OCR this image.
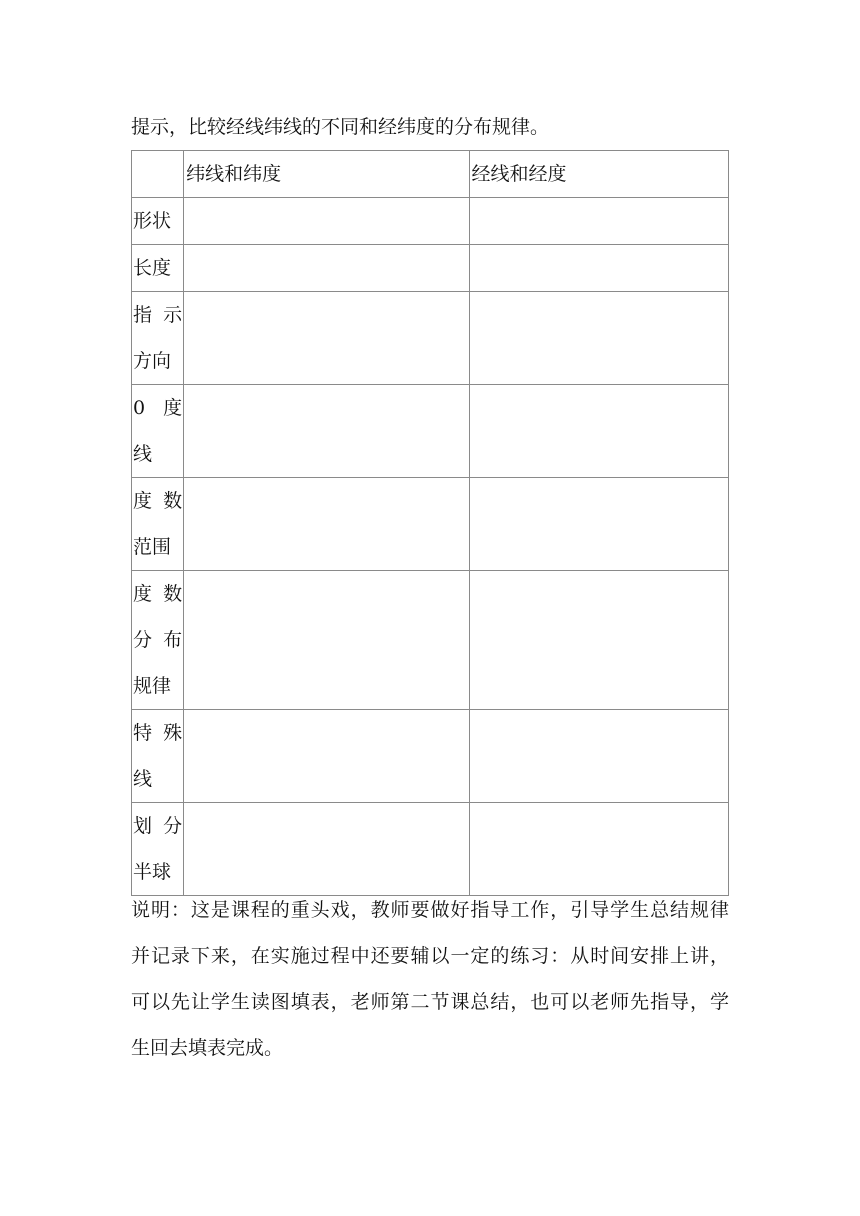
提示，比较经线纬线的不同和经纬度的分布规律。

	纬线和纬度	经线和经度

形状		

长度		

指示
方向		

0 度
线		

度数
范围		

度数
分布
规律		

特殊
线		

划分
半球		

说明：这是课程的重头戏，教师要做好指导工作，引导学生总结规律
并记录下来，在实施过程中还要辅以一定的练习：从时间安排上讲，
可以先让学生读图填表，老师第二节课总结，也可以老师先指导，学
生回去填表完成。
